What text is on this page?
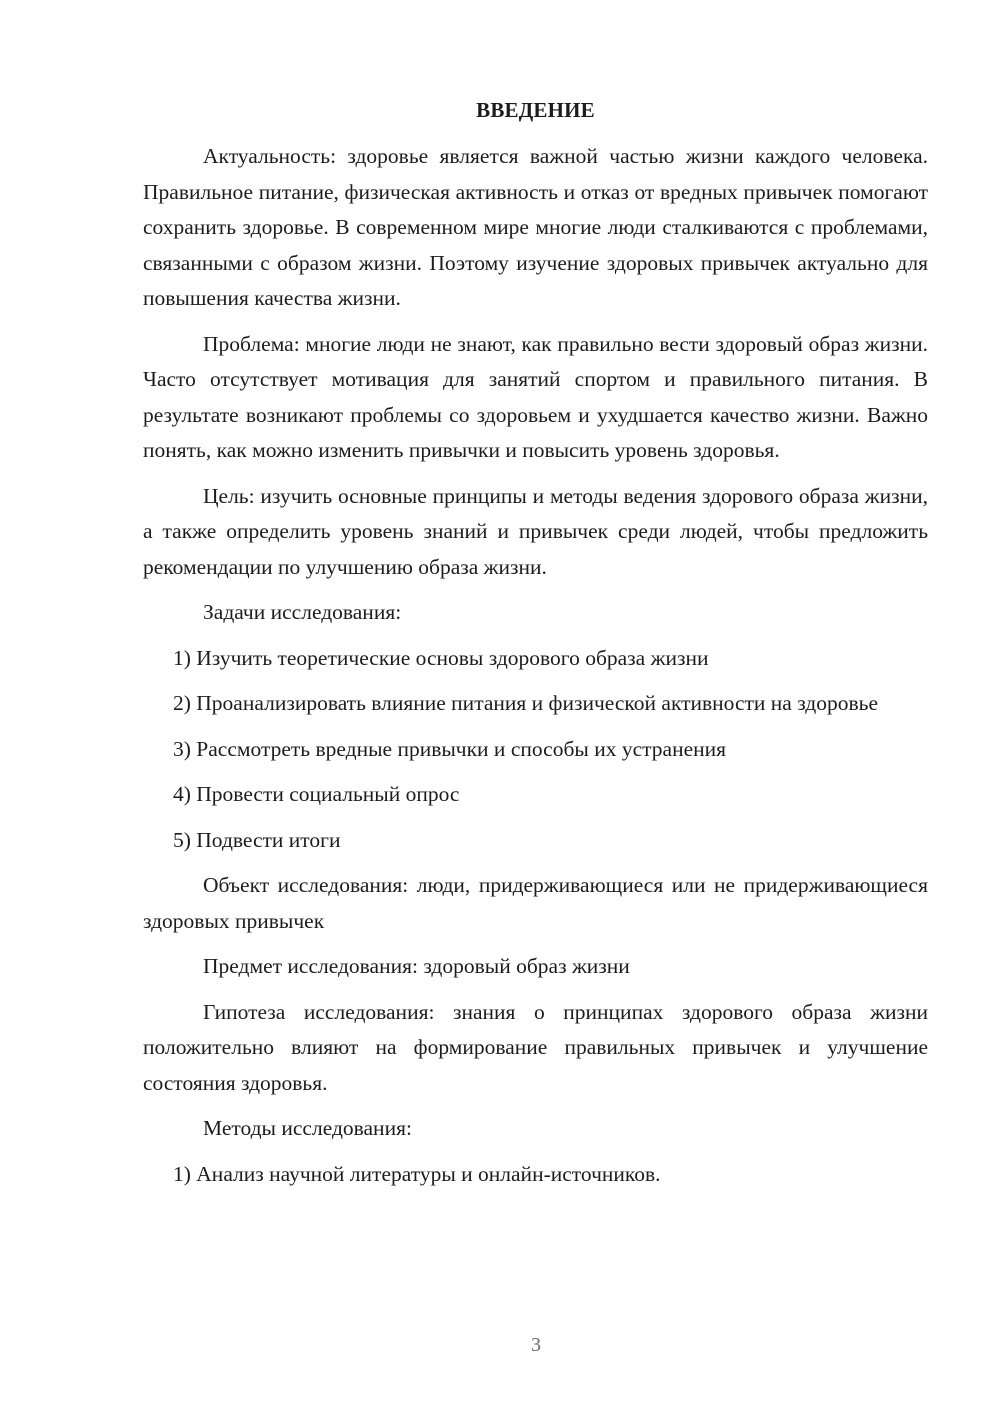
ВВЕДЕНИЕ

Актуальность: здоровье является важной частью жизни каждого человека. Правильное питание, физическая активность и отказ от вредных привычек помогают сохранить здоровье. В современном мире многие люди сталкиваются с проблемами, связанными с образом жизни. Поэтому изучение здоровых привычек актуально для повышения качества жизни.

Проблема: многие люди не знают, как правильно вести здоровый образ жизни. Часто отсутствует мотивация для занятий спортом и правильного питания. В результате возникают проблемы со здоровьем и ухудшается качество жизни. Важно понять, как можно изменить привычки и повысить уровень здоровья.

Цель: изучить основные принципы и методы ведения здорового образа жизни, а также определить уровень знаний и привычек среди людей, чтобы предложить рекомендации по улучшению образа жизни.

Задачи исследования:

1) Изучить теоретические основы здорового образа жизни

2) Проанализировать влияние питания и физической активности на здоровье

3) Рассмотреть вредные привычки и способы их устранения

4) Провести социальный опрос

5) Подвести итоги

Объект исследования: люди, придерживающиеся или не придерживающиеся здоровых привычек

Предмет исследования: здоровый образ жизни

Гипотеза исследования: знания о принципах здорового образа жизни положительно влияют на формирование правильных привычек и улучшение состояния здоровья.

Методы исследования:

1) Анализ научной литературы и онлайн-источников.

3
